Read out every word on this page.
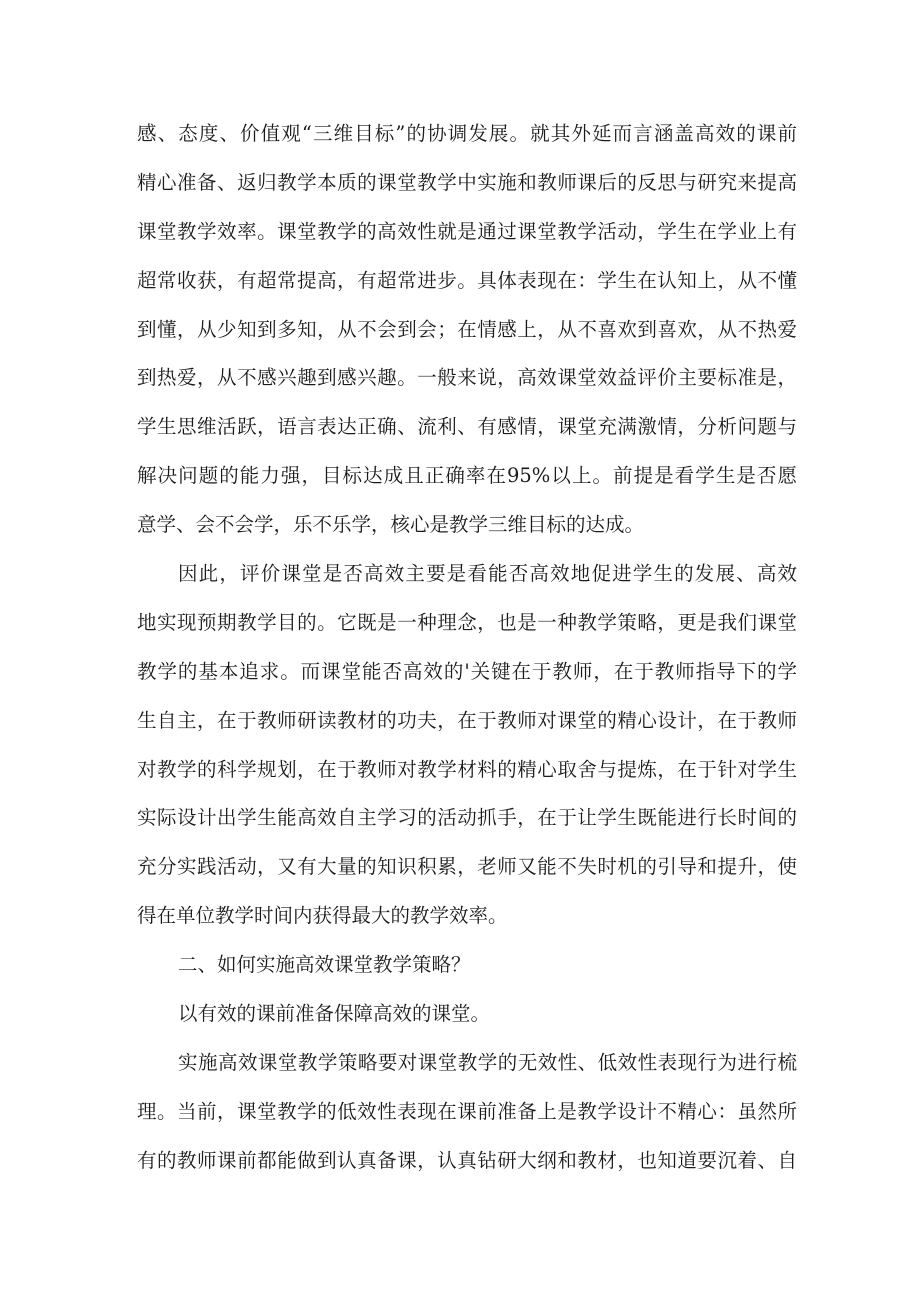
感、态度、价值观“三维目标”的协调发展。就其外延而言涵盖高效的课前
精心准备、返归教学本质的课堂教学中实施和教师课后的反思与研究来提高
课堂教学效率。课堂教学的高效性就是通过课堂教学活动，学生在学业上有
超常收获，有超常提高，有超常进步。具体表现在：学生在认知上，从不懂
到懂，从少知到多知，从不会到会；在情感上，从不喜欢到喜欢，从不热爱
到热爱，从不感兴趣到感兴趣。一般来说，高效课堂效益评价主要标准是，
学生思维活跃，语言表达正确、流利、有感情，课堂充满激情，分析问题与
解决问题的能力强，目标达成且正确率在95%以上。前提是看学生是否愿
意学、会不会学，乐不乐学，核心是教学三维目标的达成。
因此，评价课堂是否高效主要是看能否高效地促进学生的发展、高效
地实现预期教学目的。它既是一种理念，也是一种教学策略，更是我们课堂
教学的基本追求。而课堂能否高效的'关键在于教师，在于教师指导下的学
生自主，在于教师研读教材的功夫，在于教师对课堂的精心设计，在于教师
对教学的科学规划，在于教师对教学材料的精心取舍与提炼，在于针对学生
实际设计出学生能高效自主学习的活动抓手，在于让学生既能进行长时间的
充分实践活动，又有大量的知识积累，老师又能不失时机的引导和提升，使
得在单位教学时间内获得最大的教学效率。
二、如何实施高效课堂教学策略？
以有效的课前准备保障高效的课堂。
实施高效课堂教学策略要对课堂教学的无效性、低效性表现行为进行梳
理。当前，课堂教学的低效性表现在课前准备上是教学设计不精心：虽然所
有的教师课前都能做到认真备课，认真钻研大纲和教材，也知道要沉着、自
